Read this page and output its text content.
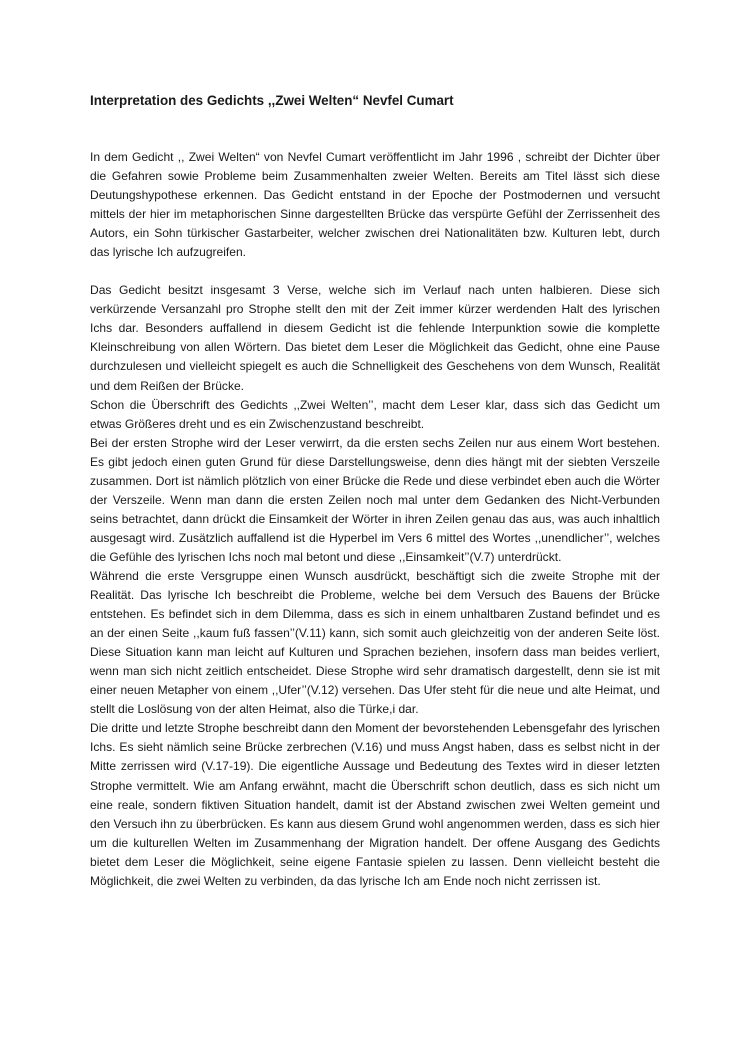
Interpretation des Gedichts ,,Zwei Welten“ Nevfel Cumart

In dem Gedicht ,, Zwei Welten“ von Nevfel Cumart veröffentlicht im Jahr 1996 , schreibt der Dichter über die Gefahren sowie Probleme beim Zusammenhalten zweier Welten. Bereits am Titel lässt sich diese Deutungshypothese erkennen. Das Gedicht entstand in der Epoche der Postmodernen und versucht mittels der hier im metaphorischen Sinne dargestellten Brücke das verspürte Gefühl der Zerrissenheit des Autors, ein Sohn türkischer Gastarbeiter, welcher zwischen drei Nationalitäten bzw. Kulturen lebt, durch das lyrische Ich aufzugreifen.

Das Gedicht besitzt insgesamt 3 Verse, welche sich im Verlauf nach unten halbieren. Diese sich verkürzende Versanzahl pro Strophe stellt den mit der Zeit immer kürzer werdenden Halt des lyrischen Ichs dar. Besonders auffallend in diesem Gedicht ist die fehlende Interpunktion sowie die komplette Kleinschreibung von allen Wörtern. Das bietet dem Leser die Möglichkeit das Gedicht, ohne eine Pause durchzulesen und vielleicht spiegelt es auch die Schnelligkeit des Geschehens von dem Wunsch, Realität und dem Reißen der Brücke.

Schon die Überschrift des Gedichts ,,Zwei Welten’’, macht dem Leser klar, dass sich das Gedicht um etwas Größeres dreht und es ein Zwischenzustand beschreibt.

Bei der ersten Strophe wird der Leser verwirrt, da die ersten sechs Zeilen nur aus einem Wort bestehen. Es gibt jedoch einen guten Grund für diese Darstellungsweise, denn dies hängt mit der siebten Verszeile zusammen. Dort ist nämlich plötzlich von einer Brücke die Rede und diese verbindet eben auch die Wörter der Verszeile. Wenn man dann die ersten Zeilen noch mal unter dem Gedanken des Nicht-Verbunden seins betrachtet, dann drückt die Einsamkeit der Wörter in ihren Zeilen genau das aus, was auch inhaltlich ausgesagt wird. Zusätzlich auffallend ist die Hyperbel im Vers 6 mittel des Wortes ,,unendlicher’’, welches die Gefühle des lyrischen Ichs noch mal betont und diese ,,Einsamkeit’’(V.7) unterdrückt.

Während die erste Versgruppe einen Wunsch ausdrückt, beschäftigt sich die zweite Strophe mit der Realität. Das lyrische Ich beschreibt die Probleme, welche bei dem Versuch des Bauens der Brücke entstehen. Es befindet sich in dem Dilemma, dass es sich in einem unhaltbaren Zustand befindet und es an der einen Seite ,,kaum fuß fassen’’(V.11) kann, sich somit auch gleichzeitig von der anderen Seite löst. Diese Situation kann man leicht auf Kulturen und Sprachen beziehen, insofern dass man beides verliert, wenn man sich nicht zeitlich entscheidet. Diese Strophe wird sehr dramatisch dargestellt, denn sie ist mit einer neuen Metapher von einem ,,Ufer’’(V.12) versehen. Das Ufer steht für die neue und alte Heimat, und stellt die Loslösung von der alten Heimat, also die Türke,i dar.

Die dritte und letzte Strophe beschreibt dann den Moment der bevorstehenden Lebensgefahr des lyrischen Ichs. Es sieht nämlich seine Brücke zerbrechen (V.16) und muss Angst haben, dass es selbst nicht in der Mitte zerrissen wird (V.17-19). Die eigentliche Aussage und Bedeutung des Textes wird in dieser letzten Strophe vermittelt. Wie am Anfang erwähnt, macht die Überschrift schon deutlich, dass es sich nicht um eine reale, sondern fiktiven Situation handelt, damit ist der Abstand zwischen zwei Welten gemeint und den Versuch ihn zu überbrücken. Es kann aus diesem Grund wohl angenommen werden, dass es sich hier um die kulturellen Welten im Zusammenhang der Migration handelt. Der offene Ausgang des Gedichts bietet dem Leser die Möglichkeit, seine eigene Fantasie spielen zu lassen. Denn vielleicht besteht die Möglichkeit, die zwei Welten zu verbinden, da das lyrische Ich am Ende noch nicht zerrissen ist.
